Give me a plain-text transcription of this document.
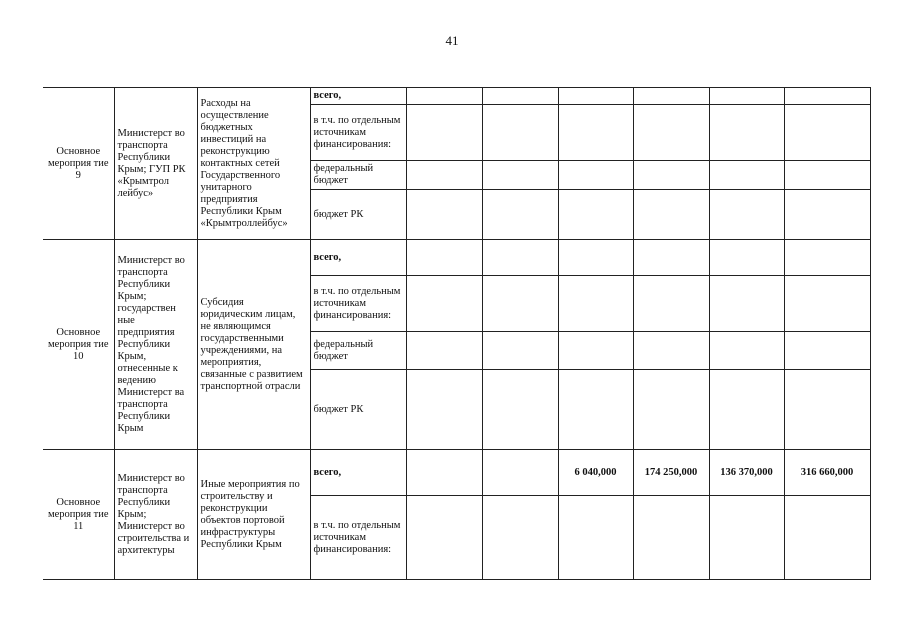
41
Основное мероприя тие 9	Министерст во транспорта Республики Крым; ГУП РК «Крымтрол лейбус»	Расходы на осуществление бюджетных инвестиций на реконструкцию контактных сетей Государственного унитарного предприятия Республики Крым «Крымтроллейбус»	всего,						
			в т.ч. по отдельным источникам финансирования:						
			федеральный бюджет						
			бюджет РК						
Основное мероприя тие 10	Министерст во транспорта Республики Крым; государствен ные предприятия Республики Крым, отнесенные к ведению Министерст ва транспорта Республики Крым	Субсидия юридическим лицам, не являющимся государственными учреждениями, на мероприятия, связанные с развитием транспортной отрасли	всего,						
			в т.ч. по отдельным источникам финансирования:						
			федеральный бюджет						
			бюджет РК						
Основное мероприя тие 11	Министерст во транспорта Республики Крым; Министерст во строительства и архитектуры	Иные мероприятия по строительству и реконструкции объектов портовой инфраструктуры Республики Крым	всего,			6 040,000	174 250,000	136 370,000	316 660,000
			в т.ч. по отдельным источникам финансирования:						
